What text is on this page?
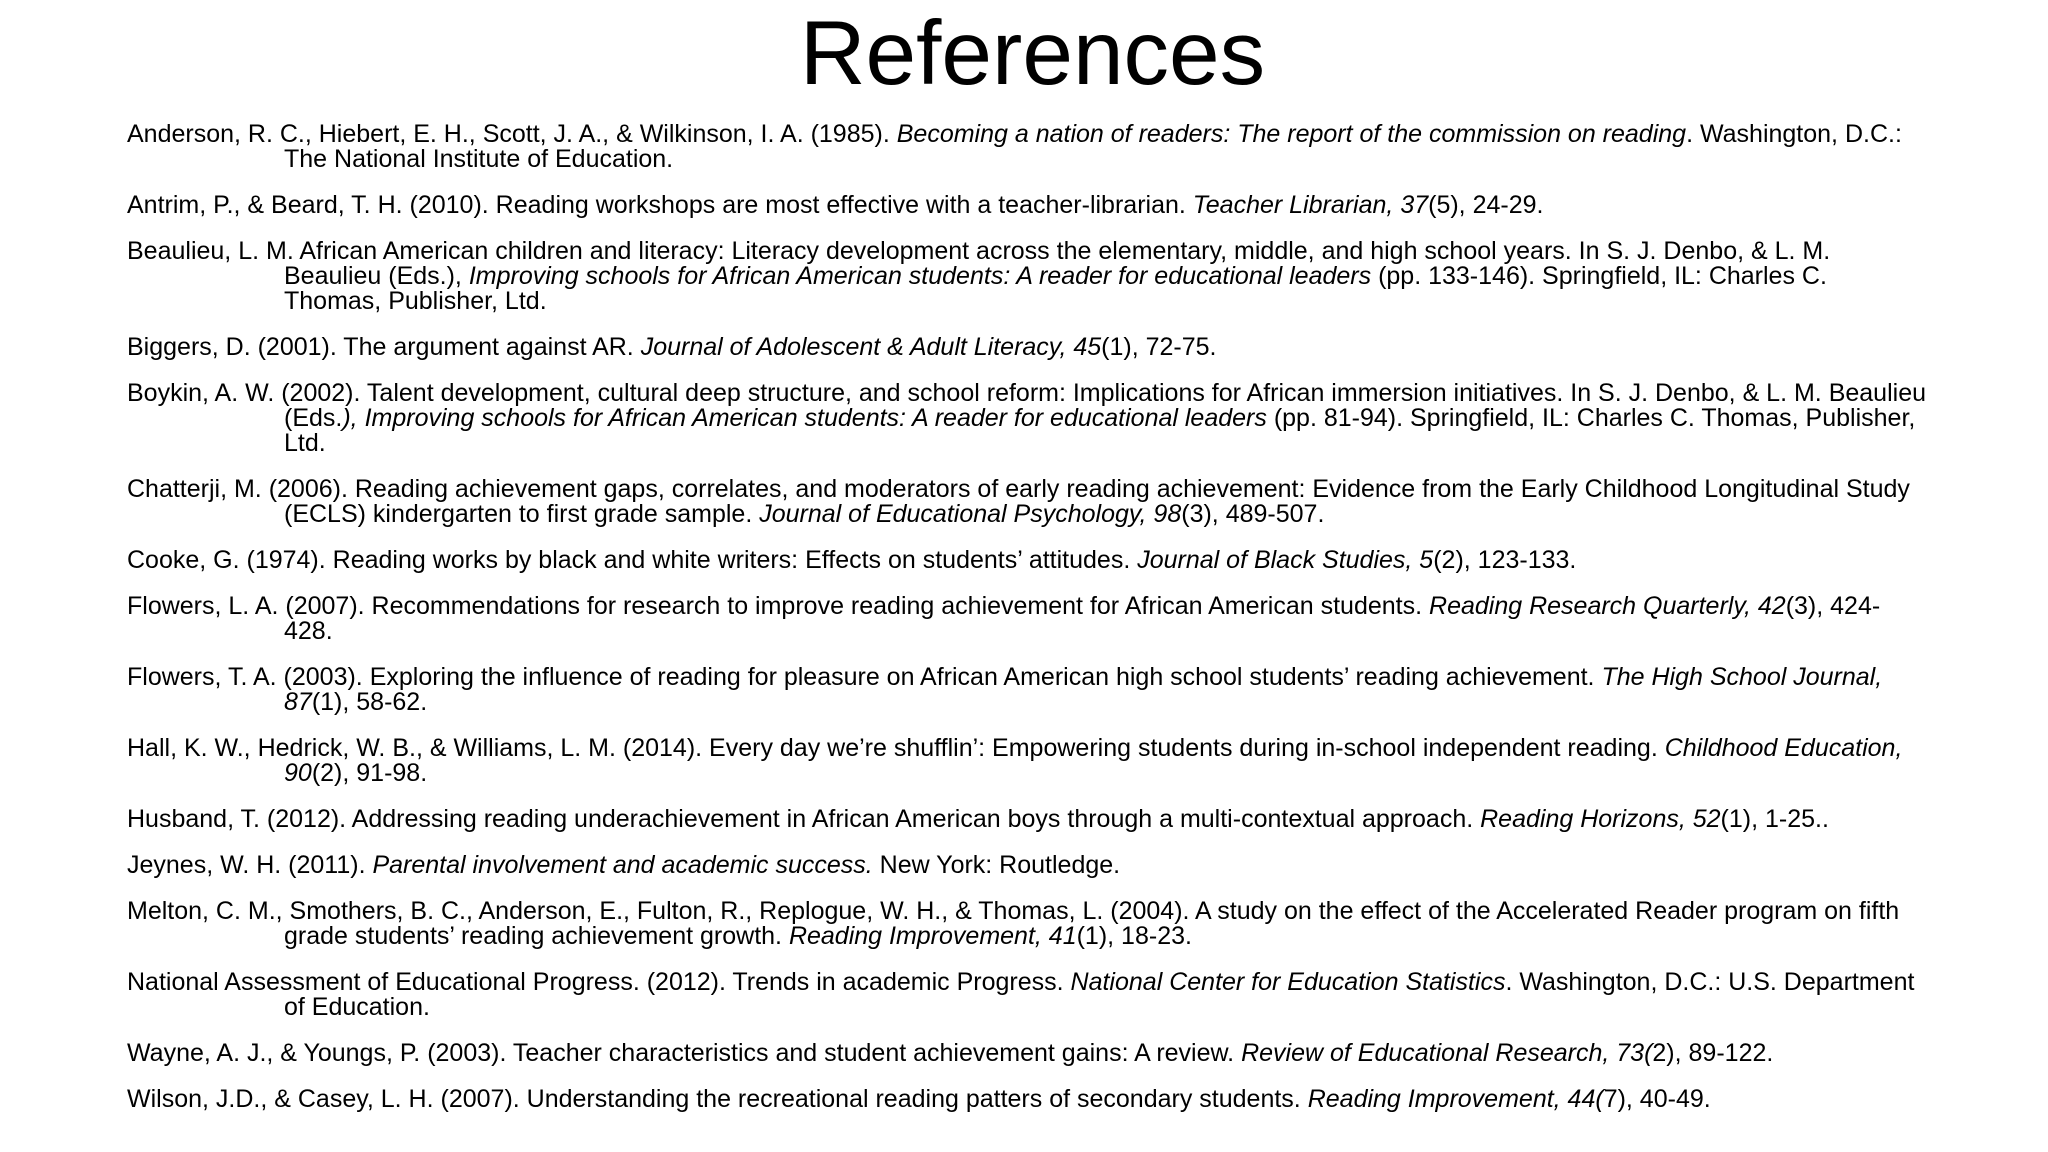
References

Anderson, R. C., Hiebert, E. H., Scott, J. A., & Wilkinson, I. A. (1985). Becoming a nation of readers: The report of the commission on reading. Washington, D.C.: The National Institute of Education.

Antrim, P., & Beard, T. H. (2010). Reading workshops are most effective with a teacher-librarian. Teacher Librarian, 37(5), 24-29.

Beaulieu, L. M. African American children and literacy: Literacy development across the elementary, middle, and high school years. In S. J. Denbo, & L. M. Beaulieu (Eds.), Improving schools for African American students: A reader for educational leaders (pp. 133-146). Springfield, IL: Charles C. Thomas, Publisher, Ltd.

Biggers, D. (2001). The argument against AR. Journal of Adolescent & Adult Literacy, 45(1), 72-75.

Boykin, A. W. (2002). Talent development, cultural deep structure, and school reform: Implications for African immersion initiatives. In S. J. Denbo, & L. M. Beaulieu (Eds.), Improving schools for African American students: A reader for educational leaders (pp. 81-94). Springfield, IL: Charles C. Thomas, Publisher, Ltd.

Chatterji, M. (2006). Reading achievement gaps, correlates, and moderators of early reading achievement: Evidence from the Early Childhood Longitudinal Study (ECLS) kindergarten to first grade sample. Journal of Educational Psychology, 98(3), 489-507.

Cooke, G. (1974). Reading works by black and white writers: Effects on students’ attitudes. Journal of Black Studies, 5(2), 123-133.

Flowers, L. A. (2007). Recommendations for research to improve reading achievement for African American students. Reading Research Quarterly, 42(3), 424-428.

Flowers, T. A. (2003). Exploring the influence of reading for pleasure on African American high school students’ reading achievement. The High School Journal, 87(1), 58-62.

Hall, K. W., Hedrick, W. B., & Williams, L. M. (2014). Every day we’re shufflin’: Empowering students during in-school independent reading. Childhood Education, 90(2), 91-98.

Husband, T. (2012). Addressing reading underachievement in African American boys through a multi-contextual approach. Reading Horizons, 52(1), 1-25..

Jeynes, W. H. (2011). Parental involvement and academic success. New York: Routledge.

Melton, C. M., Smothers, B. C., Anderson, E., Fulton, R., Replogue, W. H., & Thomas, L. (2004). A study on the effect of the Accelerated Reader program on fifth grade students’ reading achievement growth. Reading Improvement, 41(1), 18-23.

National Assessment of Educational Progress. (2012). Trends in academic Progress. National Center for Education Statistics. Washington, D.C.: U.S. Department of Education.

Wayne, A. J., & Youngs, P. (2003). Teacher characteristics and student achievement gains: A review. Review of Educational Research, 73(2), 89-122.

Wilson, J.D., & Casey, L. H. (2007). Understanding the recreational reading patters of secondary students. Reading Improvement, 44(7), 40-49.
